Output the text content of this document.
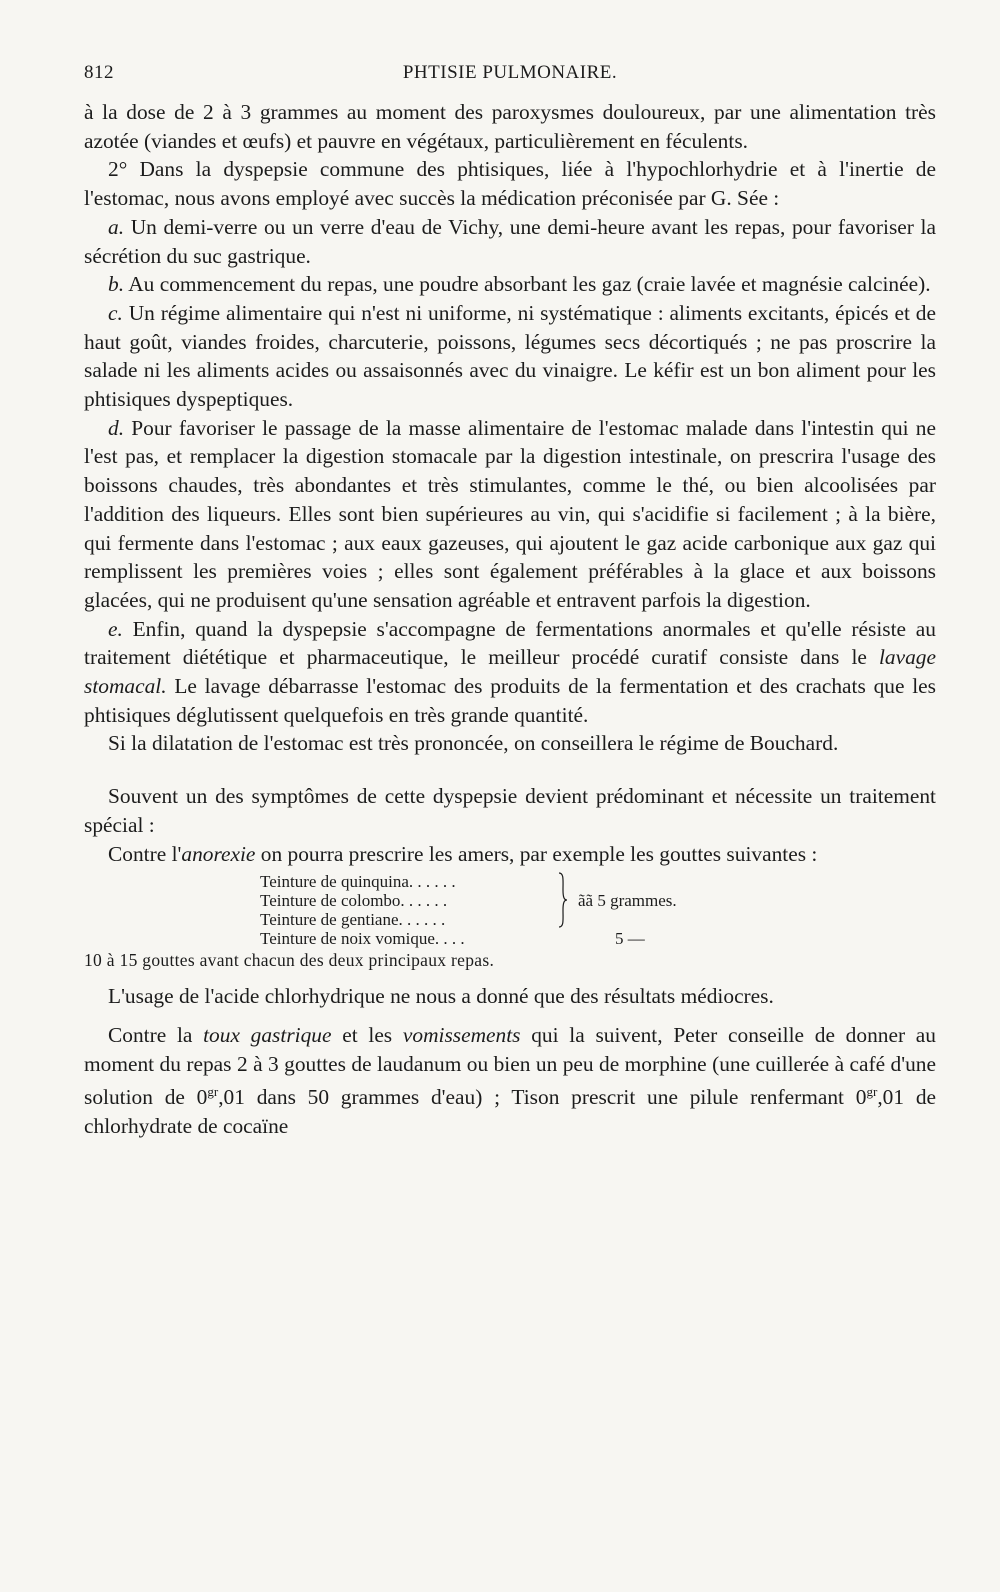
812	PHTISIE PULMONAIRE.

à la dose de 2 à 3 grammes au moment des paroxysmes douloureux, par une alimentation très azotée (viandes et œufs) et pauvre en végétaux, particulièrement en féculents.

2° Dans la dyspepsie commune des phtisiques, liée à l'hypochlorhydrie et à l'inertie de l'estomac, nous avons employé avec succès la médication préconisée par G. Sée :

a. Un demi-verre ou un verre d'eau de Vichy, une demi-heure avant les repas, pour favoriser la sécrétion du suc gastrique.

b. Au commencement du repas, une poudre absorbant les gaz (craie lavée et magnésie calcinée).

c. Un régime alimentaire qui n'est ni uniforme, ni systématique : aliments excitants, épicés et de haut goût, viandes froides, charcuterie, poissons, légumes secs décortiqués ; ne pas proscrire la salade ni les aliments acides ou assaisonnés avec du vinaigre. Le kéfir est un bon aliment pour les phtisiques dyspeptiques.

d. Pour favoriser le passage de la masse alimentaire de l'estomac malade dans l'intestin qui ne l'est pas, et remplacer la digestion stomacale par la digestion intestinale, on prescrira l'usage des boissons chaudes, très abondantes et très stimulantes, comme le thé, ou bien alcoolisées par l'addition des liqueurs. Elles sont bien supérieures au vin, qui s'acidifie si facilement ; à la bière, qui fermente dans l'estomac ; aux eaux gazeuses, qui ajoutent le gaz acide carbonique aux gaz qui remplissent les premières voies ; elles sont également préférables à la glace et aux boissons glacées, qui ne produisent qu'une sensation agréable et entravent parfois la digestion.

e. Enfin, quand la dyspepsie s'accompagne de fermentations anormales et qu'elle résiste au traitement diététique et pharmaceutique, le meilleur procédé curatif consiste dans le lavage stomacal. Le lavage débarrasse l'estomac des produits de la fermentation et des crachats que les phtisiques déglutissent quelquefois en très grande quantité.

Si la dilatation de l'estomac est très prononcée, on conseillera le régime de Bouchard.

Souvent un des symptômes de cette dyspepsie devient prédominant et nécessite un traitement spécial :

Contre l'anorexie on pourra prescrire les amers, par exemple les gouttes suivantes :

Teinture de quinquina. . . . . .
Teinture de colombo. . . . . .
Teinture de gentiane. . . . . .
Teinture de noix vomique. . . .
ãã 5 grammes.
5 —

10 à 15 gouttes avant chacun des deux principaux repas.

L'usage de l'acide chlorhydrique ne nous a donné que des résultats médiocres.

Contre la toux gastrique et les vomissements qui la suivent, Peter conseille de donner au moment du repas 2 à 3 gouttes de laudanum ou bien un peu de morphine (une cuillerée à café d'une solution de $0^{gr},01$ dans 50 grammes d'eau) ; Tison prescrit une pilule renfermant $0^{gr},01$ de chlorhydrate de cocaïne
